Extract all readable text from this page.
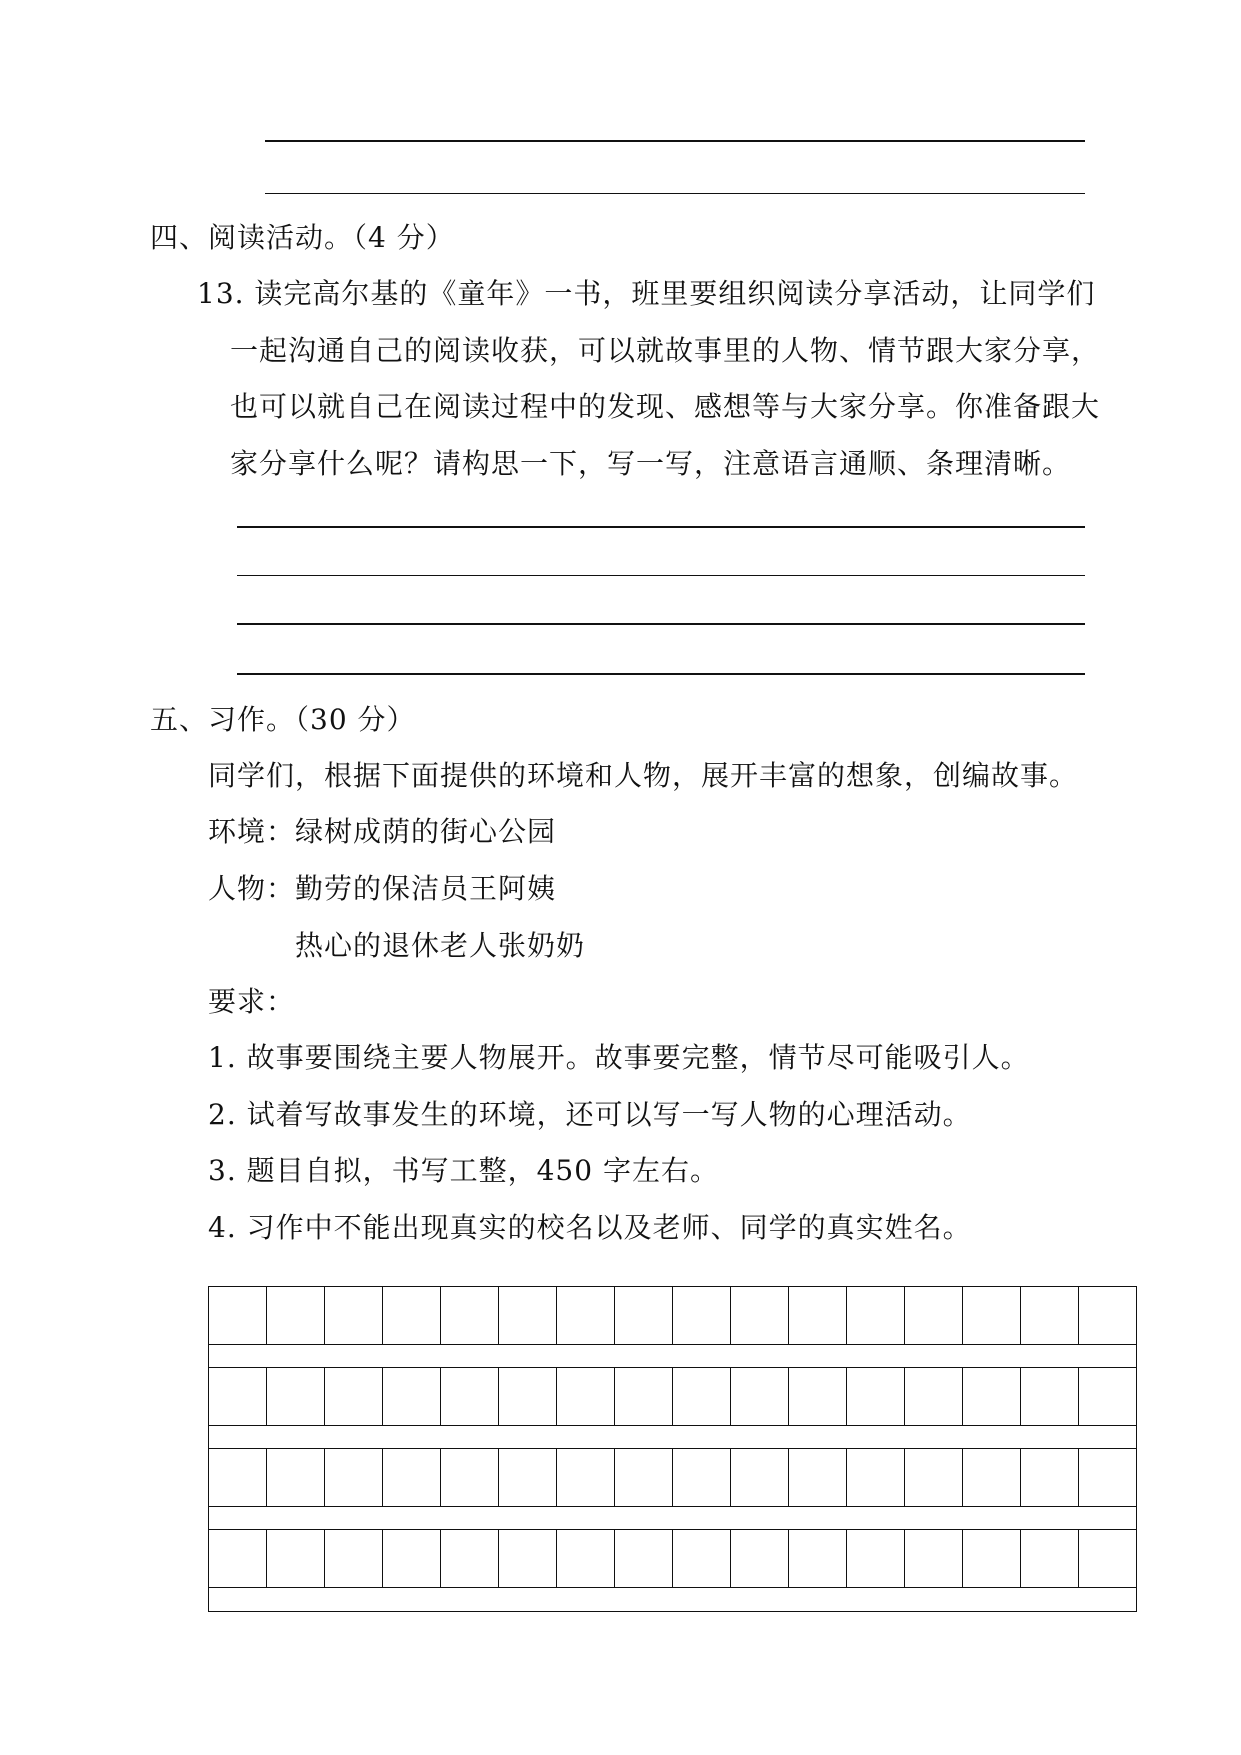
四、阅读活动。（4 分）
13. 读完高尔基的《童年》一书，班里要组织阅读分享活动，让同学们
一起沟通自己的阅读收获，可以就故事里的人物、情节跟大家分享，
也可以就自己在阅读过程中的发现、感想等与大家分享。你准备跟大
家分享什么呢？请构思一下，写一写，注意语言通顺、条理清晰。
五、习作。（30 分）
同学们，根据下面提供的环境和人物，展开丰富的想象，创编故事。
环境：绿树成荫的街心公园
人物：勤劳的保洁员王阿姨
热心的退休老人张奶奶
要求：
1. 故事要围绕主要人物展开。故事要完整，情节尽可能吸引人。
2. 试着写故事发生的环境，还可以写一写人物的心理活动。
3. 题目自拟，书写工整，450 字左右。
4. 习作中不能出现真实的校名以及老师、同学的真实姓名。
